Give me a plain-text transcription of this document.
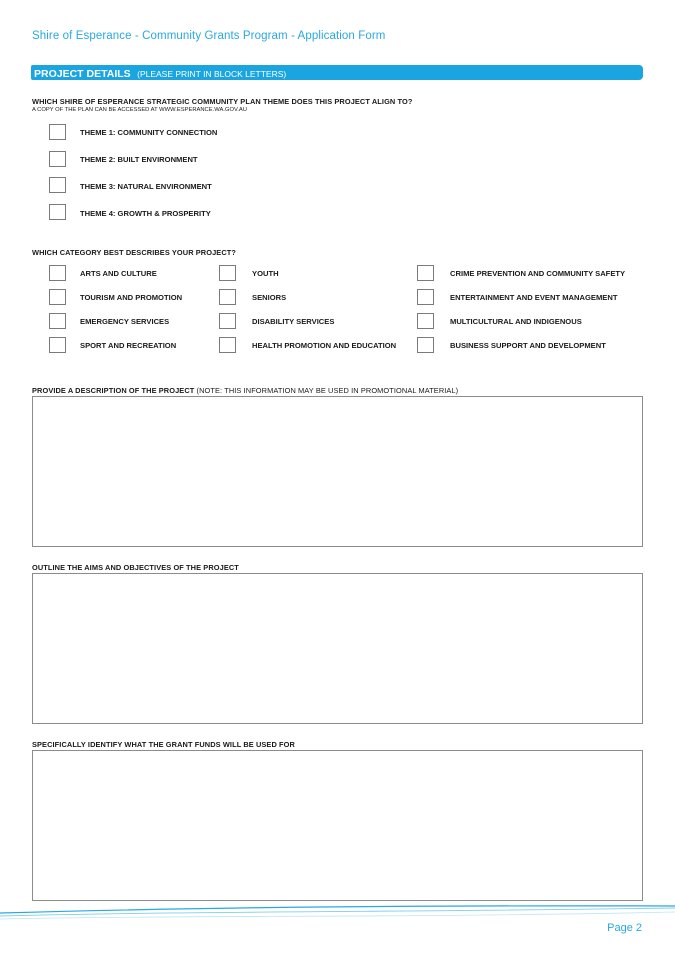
Shire of Esperance - Community Grants Program - Application Form
PROJECT DETAILS (PLEASE PRINT IN BLOCK LETTERS)
WHICH SHIRE OF ESPERANCE STRATEGIC COMMUNITY PLAN THEME DOES THIS PROJECT ALIGN TO?
A COPY OF THE PLAN CAN BE ACCESSED AT WWW.ESPERANCE.WA.GOV.AU
THEME 1: COMMUNITY CONNECTION
THEME 2: BUILT ENVIRONMENT
THEME 3: NATURAL ENVIRONMENT
THEME 4: GROWTH & PROSPERITY
WHICH CATEGORY BEST DESCRIBES YOUR PROJECT?
ARTS AND CULTURE
TOURISM AND PROMOTION
EMERGENCY SERVICES
SPORT AND RECREATION
YOUTH
SENIORS
DISABILITY SERVICES
HEALTH PROMOTION AND EDUCATION
CRIME PREVENTION AND COMMUNITY SAFETY
ENTERTAINMENT AND EVENT MANAGEMENT
MULTICULTURAL AND INDIGENOUS
BUSINESS SUPPORT AND DEVELOPMENT
PROVIDE A DESCRIPTION OF THE PROJECT (NOTE: THIS INFORMATION MAY BE USED IN PROMOTIONAL MATERIAL)
OUTLINE THE AIMS AND OBJECTIVES OF THE PROJECT
SPECIFICALLY IDENTIFY WHAT THE GRANT FUNDS WILL BE USED FOR
Page 2
